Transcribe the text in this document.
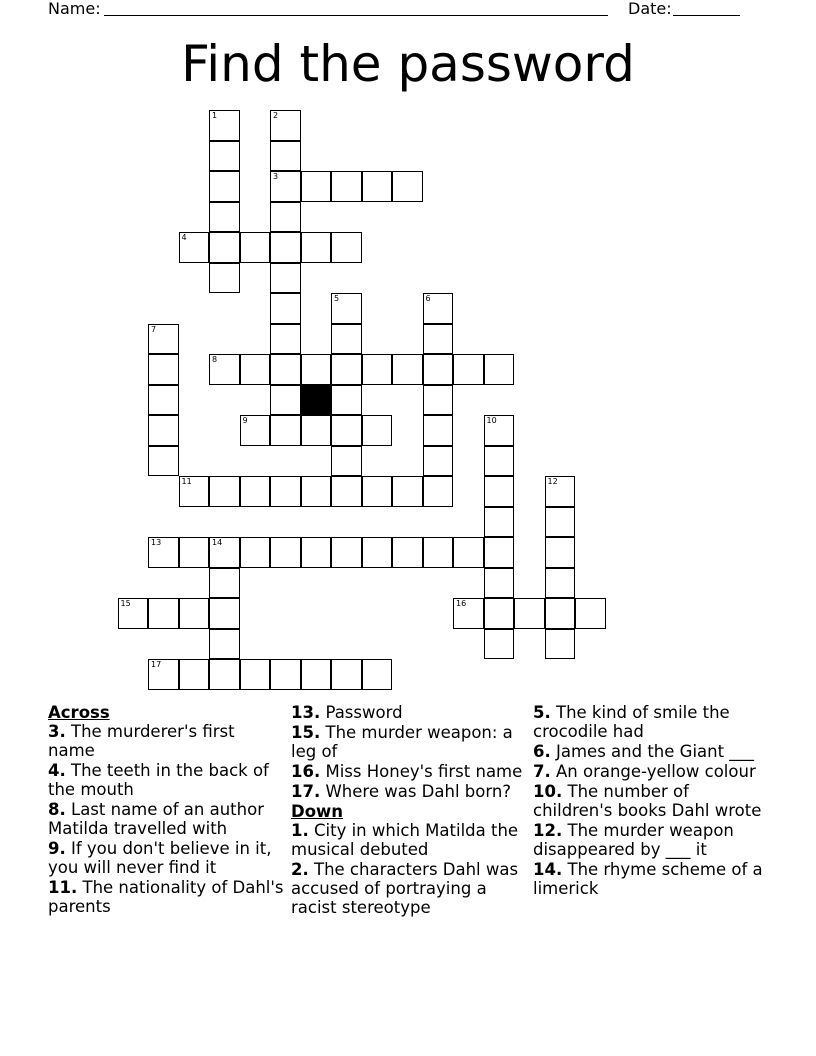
Name:	Date:
Find the password
1	2
3
4
5	6
7
8
9	10
11	12
13	14
15	16
17
Across
3. The murderer's first name
4. The teeth in the back of the mouth
8. Last name of an author Matilda travelled with
9. If you don't believe in it, you will never find it
11. The nationality of Dahl's parents
13. Password
15. The murder weapon: a leg of
16. Miss Honey's first name
17. Where was Dahl born?
Down
1. City in which Matilda the musical debuted
2. The characters Dahl was accused of portraying a racist stereotype
5. The kind of smile the crocodile had
6. James and the Giant ___
7. An orange-yellow colour
10. The number of children's books Dahl wrote
12. The murder weapon disappeared by ___ it
14. The rhyme scheme of a limerick
